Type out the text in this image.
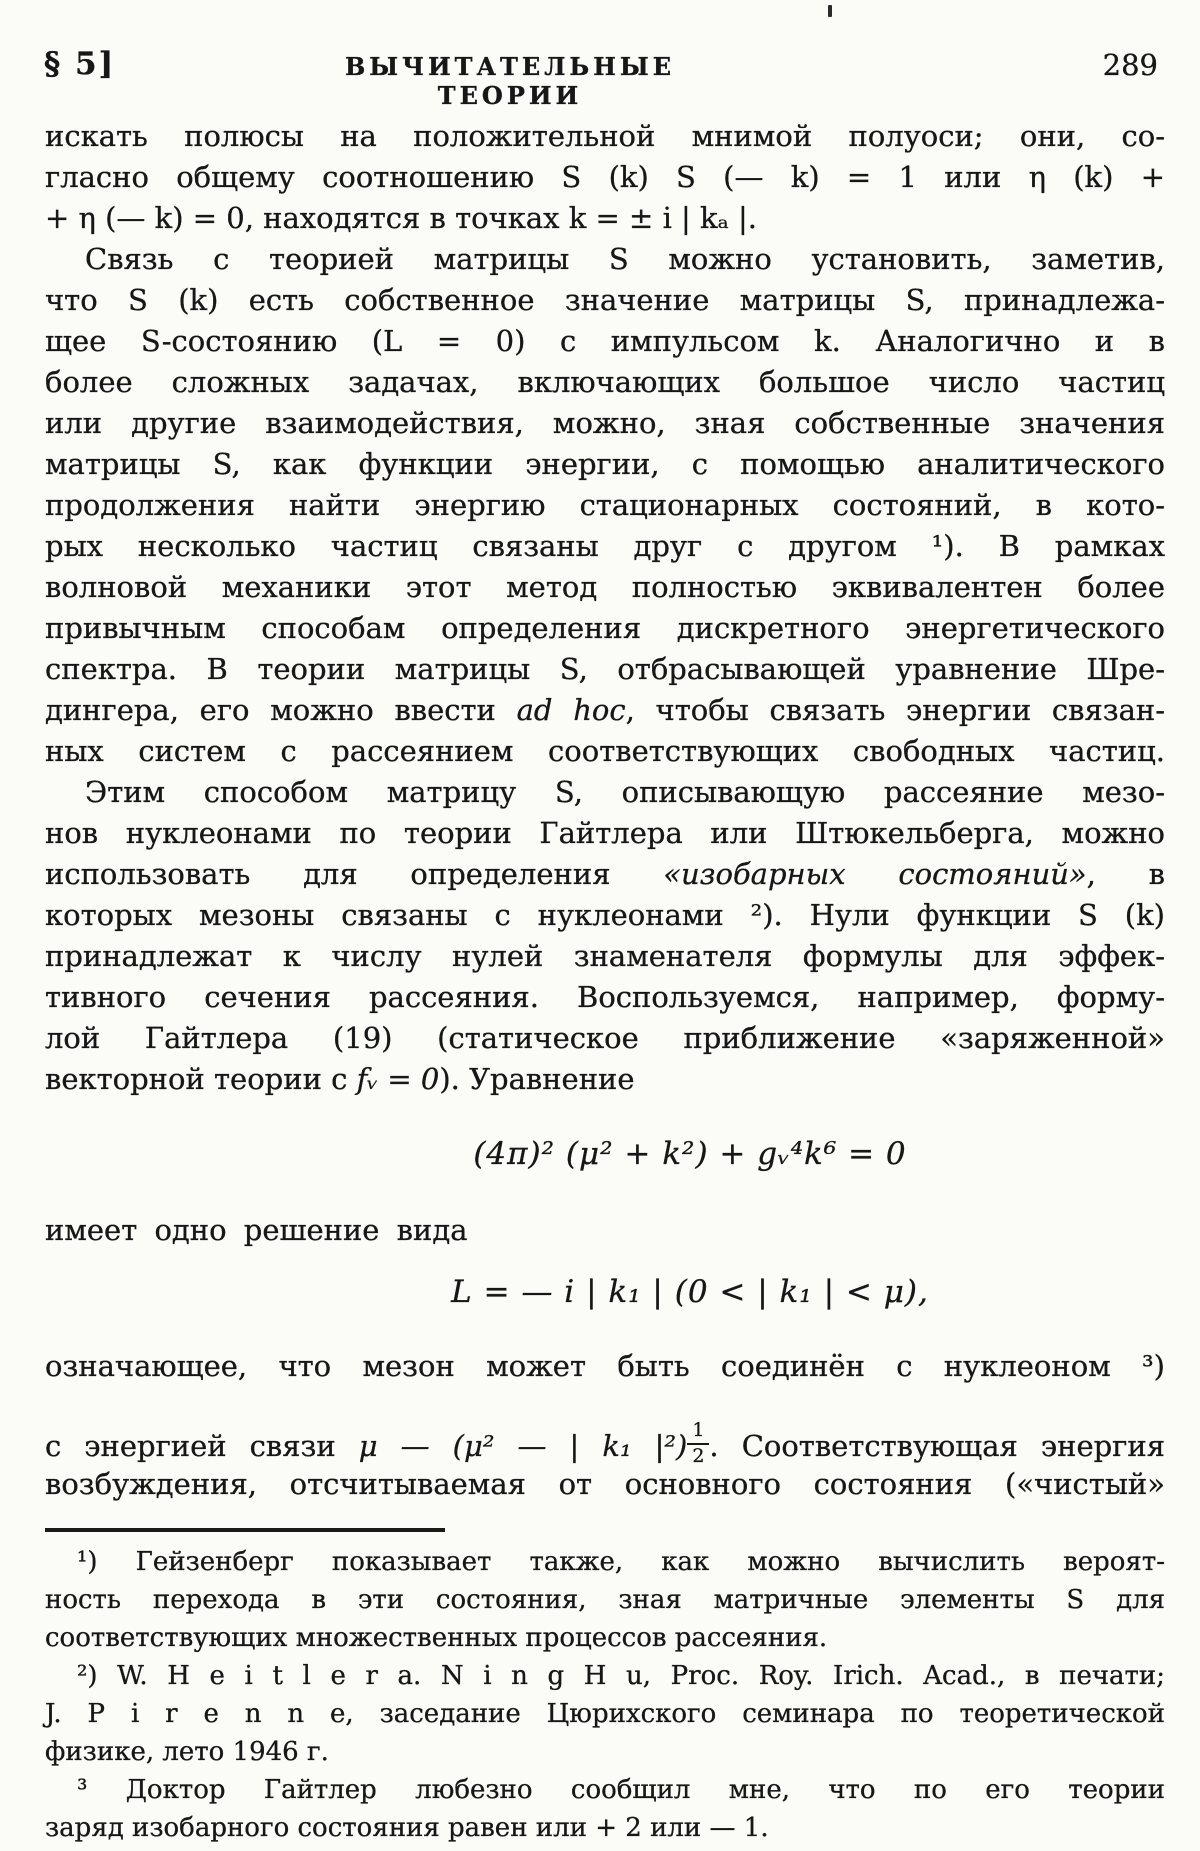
§ 5]	ВЫЧИТАТЕЛЬНЫЕ ТЕОРИИ
289
искать полюсы на положительной мнимой полуоси; они, со-
гласно общему соотношению S (k) S (— k) = 1 или η (k) +
+ η (— k) = 0, находятся в точках k = ± i | kₐ |.
Связь с теорией матрицы S можно установить, заметив,
что S (k) есть собственное значение матрицы S, принадлежа-
щее S-состоянию (L = 0) с импульсом k. Аналогично и в
более сложных задачах, включающих большое число частиц
или другие взаимодействия, можно, зная собственные значения
матрицы S, как функции энергии, с помощью аналитического
продолжения найти энергию стационарных состояний, в кото-
рых несколько частиц связаны друг с другом ¹). В рамках
волновой механики этот метод полностью эквивалентен более
привычным способам определения дискретного энергетического
спектра. В теории матрицы S, отбрасывающей уравнение Шре-
дингера, его можно ввести ad hoc, чтобы связать энергии связан-
ных систем с рассеянием соответствующих свободных частиц.
Этим способом матрицу S, описывающую рассеяние мезо-
нов нуклеонами по теории Гайтлера или Штюкельберга, можно
использовать для определения «изобарных состояний», в
которых мезоны связаны с нуклеонами ²). Нули функции S (k)
принадлежат к числу нулей знаменателя формулы для эффек-
тивного сечения рассеяния. Воспользуемся, например, форму-
лой Гайтлера (19) (статическое приближение «заряженной»
векторной теории с fᵥ = 0). Уравнение
(4π)² (μ² + k²) + gᵥ⁴k⁶ = 0
имеет одно решение вида
L = — i | k₁ | (0 < | k₁ | < μ),
означающее, что мезон может быть соединён с нуклеоном ³)
с энергией связи μ — (μ² — | k₁ $|^2) \frac{1}{2}$ . Соответствующая энергия
возбуждения, отсчитываемая от основного состояния («чистый»
¹) Гейзенберг показывает также, как можно вычислить вероят-
ность перехода в эти состояния, зная матричные элементы S для
соответствующих множественных процессов рассеяния.
²) W. H e i t l e r a. N i n g H u, Proc. Roy. Irich. Acad., в печати;
J. P i r e n n e, заседание Цюрихского семинара по теоретической
физике, лето 1946 г.
³ Доктор Гайтлер любезно сообщил мне, что по его теории
заряд изобарного состояния равен или + 2 или — 1.
